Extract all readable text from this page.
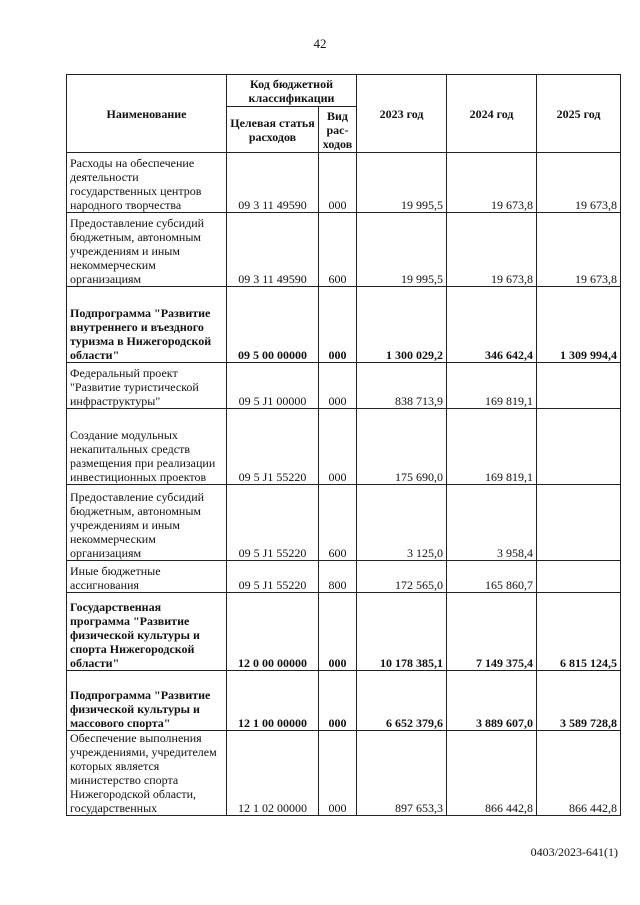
42
Наименование	Код бюджетной классификации		2023 год	2024 год	2025 год
	Целевая статья расходов	Вид рас-ходов			
Расходы на обеспечение деятельности государственных центров народного творчества	09 3 11 49590	000	19 995,5	19 673,8	19 673,8
Предоставление субсидий бюджетным, автономным учреждениям и иным некоммерческим организациям	09 3 11 49590	600	19 995,5	19 673,8	19 673,8
Подпрограмма "Развитие внутреннего и въездного туризма в Нижегородской области"	09 5 00 00000	000	1 300 029,2	346 642,4	1 309 994,4
Федеральный проект "Развитие туристической инфраструктуры"	09 5 J1 00000	000	838 713,9	169 819,1	
Создание модульных некапитальных средств размещения при реализации инвестиционных проектов	09 5 J1 55220	000	175 690,0	169 819,1	
Предоставление субсидий бюджетным, автономным учреждениям и иным некоммерческим организациям	09 5 J1 55220	600	3 125,0	3 958,4	
Иные бюджетные ассигнования	09 5 J1 55220	800	172 565,0	165 860,7	
Государственная программа "Развитие физической культуры и спорта Нижегородской области"	12 0 00 00000	000	10 178 385,1	7 149 375,4	6 815 124,5
Подпрограмма "Развитие физической культуры и массового спорта"	12 1 00 00000	000	6 652 379,6	3 889 607,0	3 589 728,8
Обеспечение выполнения учреждениями, учредителем которых является министерство спорта Нижегородской области, государственных	12 1 02 00000	000	897 653,3	866 442,8	866 442,8
0403/2023-641(1)
